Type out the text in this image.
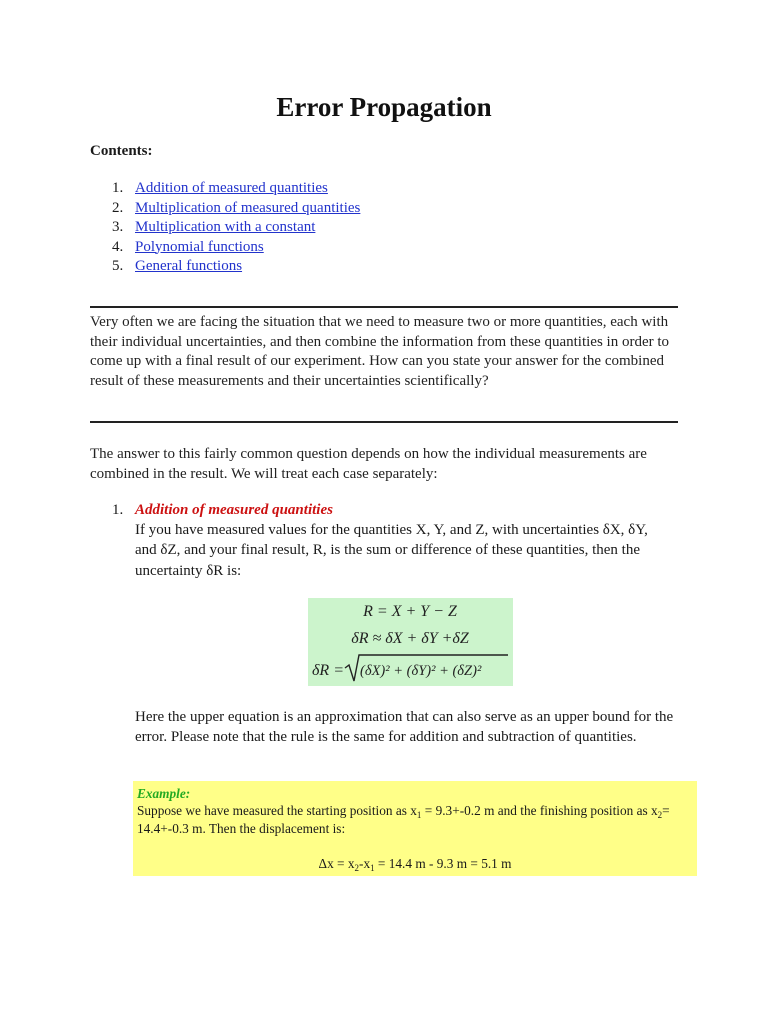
Error Propagation
Contents:
1. Addition of measured quantities
2. Multiplication of measured quantities
3. Multiplication with a constant
4. Polynomial functions
5. General functions
Very often we are facing the situation that we need to measure two or more quantities, each with their individual uncertainties, and then combine the information from these quantities in order to come up with a final result of our experiment. How can you state your answer for the combined result of these measurements and their uncertainties scientifically?
The answer to this fairly common question depends on how the individual measurements are combined in the result. We will treat each case separately:
1. Addition of measured quantities
If you have measured values for the quantities X, Y, and Z, with uncertainties δX, δY, and δZ, and your final result, R, is the sum or difference of these quantities, then the uncertainty δR is:
R = X + Y − Z
δR ≈ δX + δY +δZ
δR = (δX)² + (δY)² + (δZ)²
Here the upper equation is an approximation that can also serve as an upper bound for the error. Please note that the rule is the same for addition and subtraction of quantities.
Example:
Suppose we have measured the starting position as $x_1 = 9.3+-0.2$ m and the finishing position as $x_2= 14.4+-0.3$ m. Then the displacement is:
$\Delta x = x_2-x_1 = 14.4$ m - 9.3 m = 5.1 m
